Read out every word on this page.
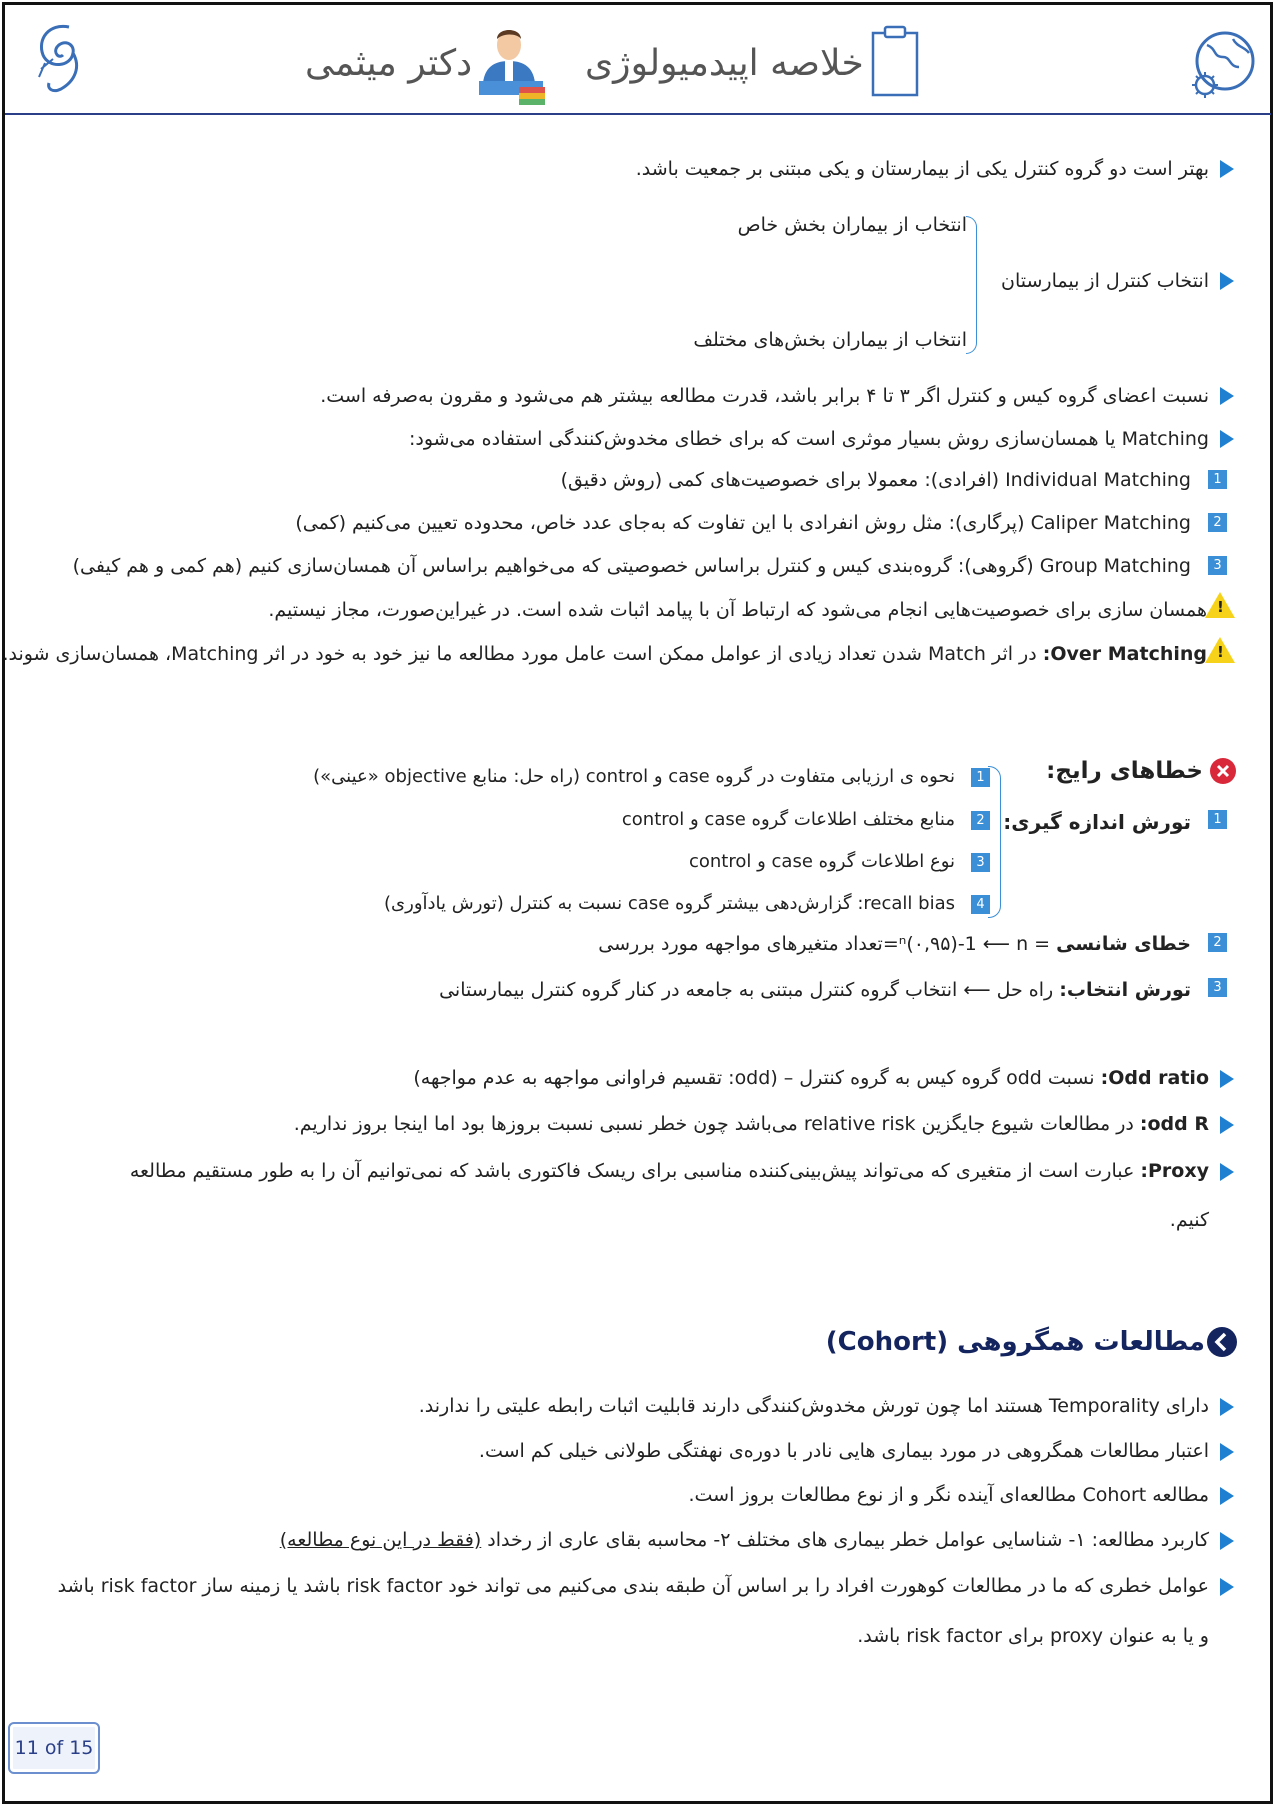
دکتر میثمی	خلاصه اپیدمیولوژی
بهتر است دو گروه کنترل یکی از بیمارستان و یکی مبتنی بر جمعیت باشد.
انتخاب از بیماران بخش خاص
انتخاب کنترل از بیمارستان
انتخاب از بیماران بخش‌های مختلف
نسبت اعضای گروه کیس و کنترل اگر ۳ تا ۴ برابر باشد، قدرت مطالعه بیشتر هم می‌شود و مقرون به‌صرفه است.
Matching یا همسان‌سازی روش بسیار موثری است که برای خطای مخدوش‌کنندگی استفاده می‌شود:
1
Individual Matching (افرادی): معمولا برای خصوصیت‌های کمی (روش دقیق)
2
Caliper Matching (پرگاری): مثل روش انفرادی با این تفاوت که به‌جای عدد خاص، محدوده تعیین می‌کنیم (کمی)
3
Group Matching (گروهی): گروه‌بندی کیس و کنترل براساس خصوصیتی که می‌خواهیم براساس آن همسان‌سازی کنیم (هم کمی و هم کیفی)
!
همسان سازی برای خصوصیت‌هایی انجام می‌شود که ارتباط آن با پیامد اثبات شده است. در غیراین‌صورت، مجاز نیستیم.
!
Over Matching: در اثر Match شدن تعداد زیادی از عوامل ممکن است عامل مورد مطالعه ما نیز خود به خود در اثر Matching، همسان‌سازی شوند.
خطاهای رایج:
1
تورش اندازه گیری:
1
نحوه ی ارزیابی متفاوت در گروه case و control (راه حل: منابع objective «عینی»)
2
منابع مختلف اطلاعات گروه case و control
3
نوع اطلاعات گروه case و control
4
recall bias: گزارش‌دهی بیشتر گروه case نسبت به کنترل (تورش یادآوری)
2
خطای شانسی = ⁿ(۰,۹۵)-1 ⟵ n=تعداد متغیرهای مواجهه مورد بررسی
3
تورش انتخاب: راه حل ⟵ انتخاب گروه کنترل مبتنی به جامعه در کنار گروه کنترل بیمارستانی
Odd ratio: نسبت odd گروه کیس به گروه کنترل – (odd: تقسیم فراوانی مواجهه به عدم مواجهه)
odd R: در مطالعات شیوع جایگزین relative risk می‌باشد چون خطر نسبی نسبت بروزها بود اما اینجا بروز نداریم.
Proxy: عبارت است از متغیری که می‌تواند پیش‌بینی‌کننده مناسبی برای ریسک فاکتوری باشد که نمی‌توانیم آن را به طور مستقیم مطالعه
کنیم.
مطالعات همگروهی (Cohort)
دارای Temporality هستند اما چون تورش مخدوش‌کنندگی دارند قابلیت اثبات رابطه علیتی را ندارند.
اعتبار مطالعات همگروهی در مورد بیماری هایی نادر با دوره‌ی نهفتگی طولانی خیلی کم است.
مطالعه Cohort مطالعه‌ای آینده نگر و از نوع مطالعات بروز است.
کاربرد مطالعه: ۱- شناسایی عوامل خطر بیماری های مختلف ۲- محاسبه بقای عاری از رخداد (فقط در این نوع مطالعه)
عوامل خطری که ما در مطالعات کوهورت افراد را بر اساس آن طبقه بندی می‌کنیم می تواند خود risk factor باشد یا زمینه ساز risk factor باشد
و یا به عنوان proxy برای risk factor باشد.
11 of 15
